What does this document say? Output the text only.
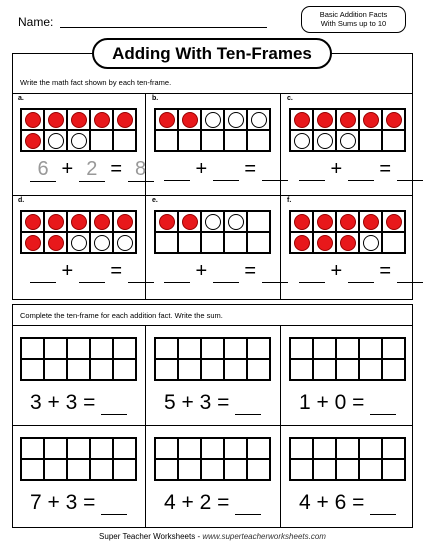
Name:
Basic Addition Facts
With Sums up to 10
Adding With Ten-Frames
Write the math fact shown by each ten-frame.
a.
6 + 2 = 8
b.
+  =
c.
+  =
d.
+  =
e.
+  =
f.
+  =
Complete the ten-frame for each addition fact. Write the sum.
3 + 3 =	5 + 3 =	1 + 0 =
7 + 3 =	4 + 2 =	4 + 6 =
Super Teacher Worksheets - www.superteacherworksheets.com
